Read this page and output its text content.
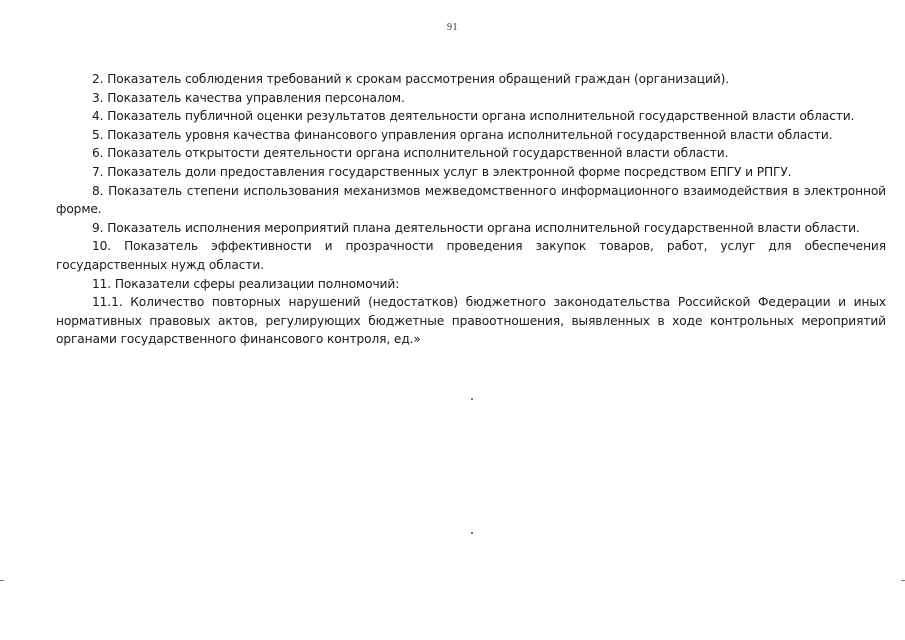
91

2. Показатель соблюдения требований к срокам рассмотрения обращений граждан (организаций).

3. Показатель качества управления персоналом.

4. Показатель публичной оценки результатов деятельности органа исполнительной государственной власти области.

5. Показатель уровня качества финансового управления органа исполнительной государственной власти области.

6. Показатель открытости деятельности органа исполнительной государственной власти области.

7. Показатель доли предоставления государственных услуг в электронной форме посредством ЕПГУ и РПГУ.

8. Показатель степени использования механизмов межведомственного информационного взаимодействия в электронной форме.

9. Показатель исполнения мероприятий плана деятельности органа исполнительной государственной власти области.

10. Показатель эффективности и прозрачности проведения закупок товаров, работ, услуг для обеспечения государственных нужд области.

11. Показатели сферы реализации полномочий:

11.1. Количество повторных нарушений (недостатков) бюджетного законодательства Российской Федерации и иных нормативных правовых актов, регулирующих бюджетные правоотношения, выявленных в ходе контрольных мероприятий органами государственного финансового контроля, ед.»
